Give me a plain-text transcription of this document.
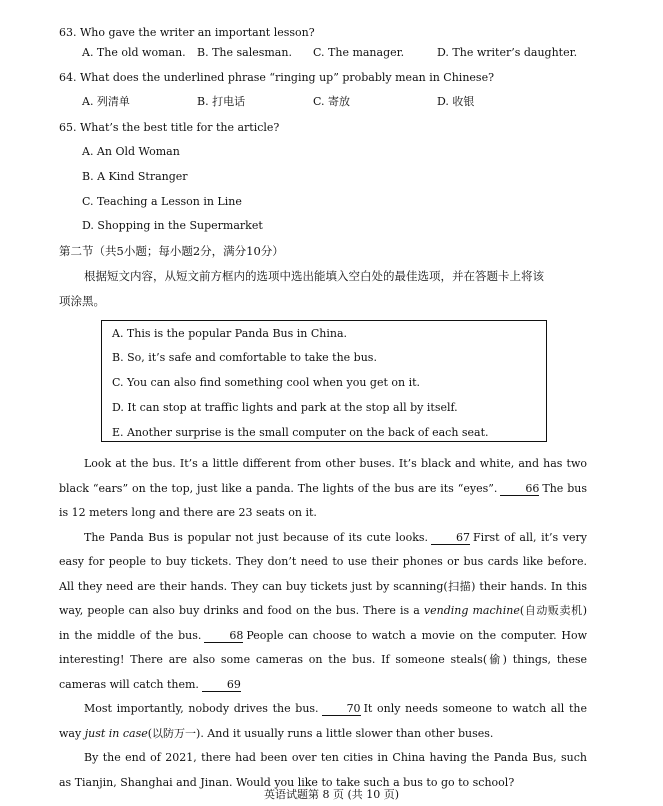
63. Who gave the writer an important lesson?
A. The old woman. B. The salesman. C. The manager.	D. The writer’s daughter.
64. What does the underlined phrase “ringing up” probably mean in Chinese?
A. 列清单	B. 打电话	C. 寄放	D. 收银
65. What’s the best title for the article?
A. An Old Woman
B. A Kind Stranger
C. Teaching a Lesson in Line
D. Shopping in the Supermarket
第二节（共5小题；每小题2分，满分10分）
根据短文内容，从短文前方框内的选项中选出能填入空白处的最佳选项，并在答题卡上将该
项涂黑。
A. This is the popular Panda Bus in China.
B. So, it’s safe and comfortable to take the bus.
C. You can also find something cool when you get on it.
D. It can stop at traffic lights and park at the stop all by itself.
E. Another surprise is the small computer on the back of each seat.

Look at the bus. It’s a little different from other buses. It’s black and white, and has two black “ears” on the top, just like a panda. The lights of the bus are its “eyes”.	66 The bus is 12 meters long and there are 23 seats on it.

The Panda Bus is popular not just because of its cute looks.	67 First of all, it’s very easy for people to buy tickets. They don’t need to use their phones or bus cards like before. All they need are their hands. They can buy tickets just by scanning(扫描) their hands. In this way, people can also buy drinks and food on the bus. There is a vending machine(自动贩卖机) in the middle of the bus.	68 People can choose to watch a movie on the computer. How interesting! There are also some cameras on the bus. If someone steals(偷) things, these cameras will catch them.	69

Most importantly, nobody drives the bus.	70 It only needs someone to watch all the way just in case(以防万一). And it usually runs a little slower than other buses.

By the end of 2021, there had been over ten cities in China having the Panda Bus, such as Tianjin, Shanghai and Jinan. Would you like to take such a bus to go to school?

英语试题第 8 页 (共 10 页)
